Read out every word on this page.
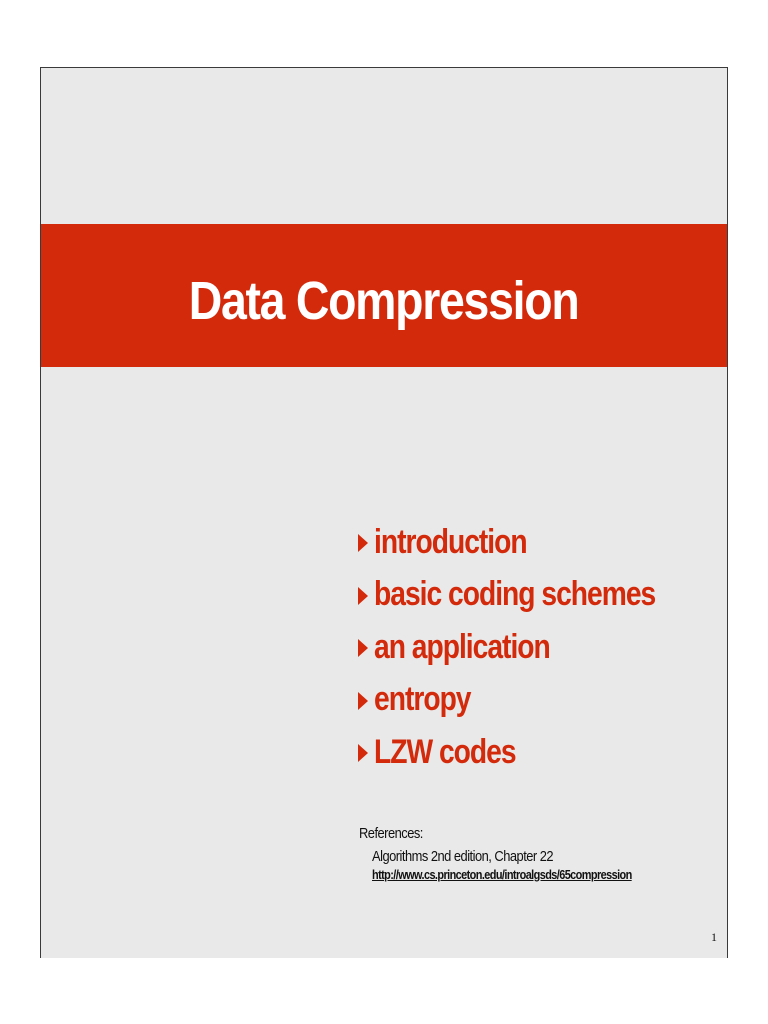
Data Compression
introduction
basic coding schemes
an application
entropy
LZW codes
References:
Algorithms 2nd edition, Chapter 22
http://www.cs.princeton.edu/introalgsds/65compression
1
